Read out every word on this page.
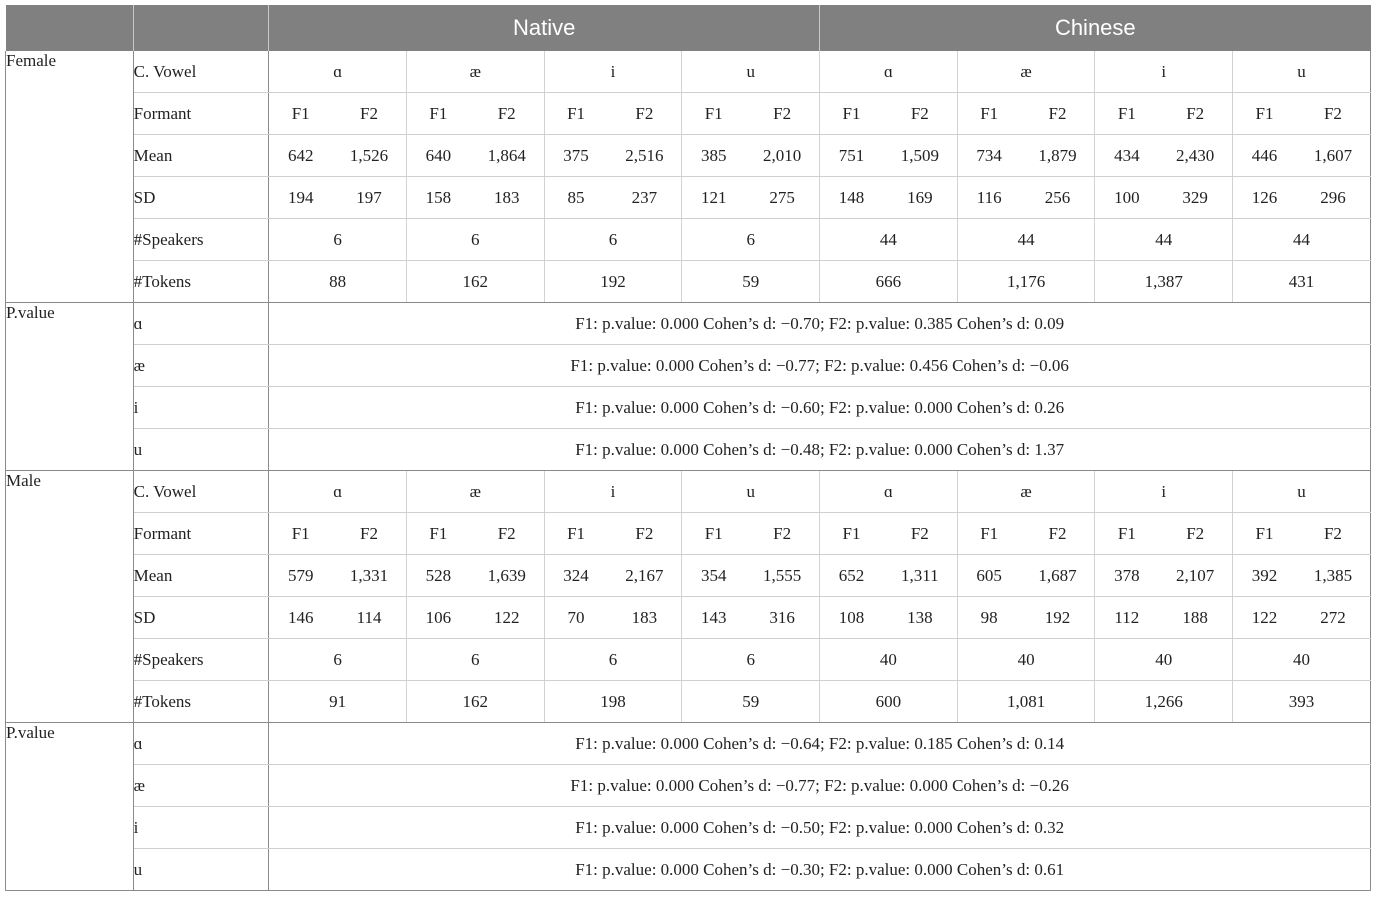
		Native								Chinese							
Female	C. Vowel	ɑ		æ		i		u		ɑ		æ		i		u	
	Formant	F1	F2	F1	F2	F1	F2	F1	F2	F1	F2	F1	F2	F1	F2	F1	F2
	Mean	642	1,526	640	1,864	375	2,516	385	2,010	751	1,509	734	1,879	434	2,430	446	1,607
	SD	194	197	158	183	85	237	121	275	148	169	116	256	100	329	126	296
	#Speakers	6		6		6		6		44		44		44		44	
	#Tokens	88		162		192		59		666		1,176		1,387		431	
P.value	ɑ	F1: p.value: 0.000 Cohen’s d: −0.70; F2: p.value: 0.385 Cohen’s d: 0.09															
	æ	F1: p.value: 0.000 Cohen’s d: −0.77; F2: p.value: 0.456 Cohen’s d: −0.06															
	i	F1: p.value: 0.000 Cohen’s d: −0.60; F2: p.value: 0.000 Cohen’s d: 0.26															
	u	F1: p.value: 0.000 Cohen’s d: −0.48; F2: p.value: 0.000 Cohen’s d: 1.37															
Male	C. Vowel	ɑ		æ		i		u		ɑ		æ		i		u	
	Formant	F1	F2	F1	F2	F1	F2	F1	F2	F1	F2	F1	F2	F1	F2	F1	F2
	Mean	579	1,331	528	1,639	324	2,167	354	1,555	652	1,311	605	1,687	378	2,107	392	1,385
	SD	146	114	106	122	70	183	143	316	108	138	98	192	112	188	122	272
	#Speakers	6		6		6		6		40		40		40		40	
	#Tokens	91		162		198		59		600		1,081		1,266		393	
P.value	ɑ	F1: p.value: 0.000 Cohen’s d: −0.64; F2: p.value: 0.185 Cohen’s d: 0.14															
	æ	F1: p.value: 0.000 Cohen’s d: −0.77; F2: p.value: 0.000 Cohen’s d: −0.26															
	i	F1: p.value: 0.000 Cohen’s d: −0.50; F2: p.value: 0.000 Cohen’s d: 0.32															
	u	F1: p.value: 0.000 Cohen’s d: −0.30; F2: p.value: 0.000 Cohen’s d: 0.61															
